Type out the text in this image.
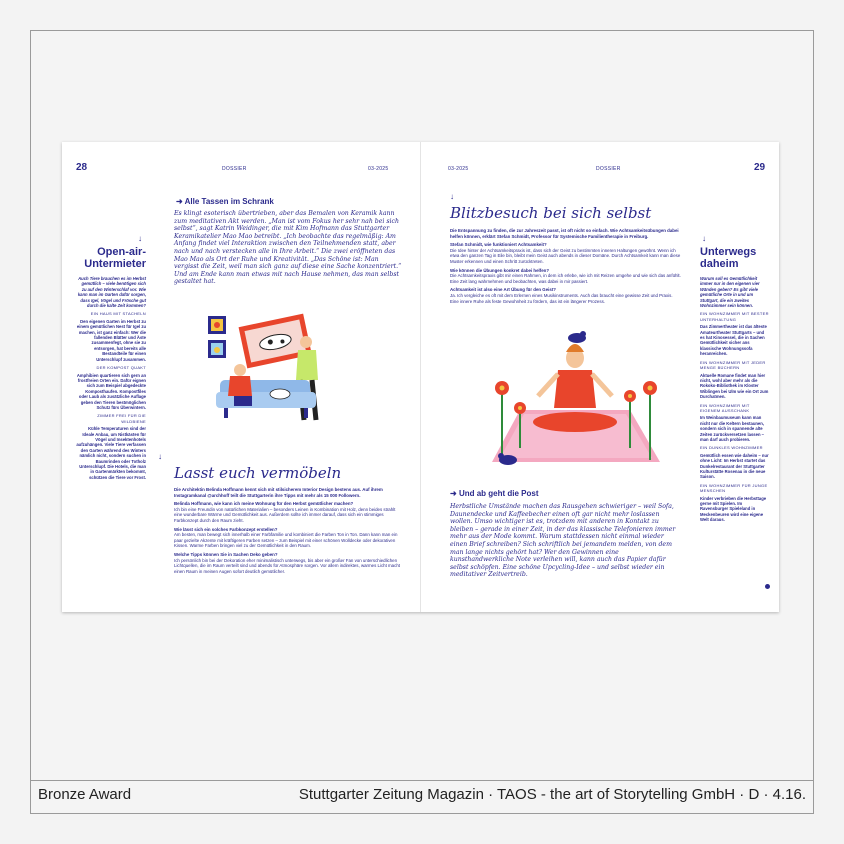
Bronze Award	Stuttgarter Zeitung Magazin · TAOS - the art of Storytelling GmbH · D · 4.16.
28	DOSSIER	03-2025
↓
Open-air-Untermieter

Auch Tiere brauchen es im Herbst gemütlich – viele benötigen sich zu auf den Winterschlaf vor. Wie kann man im Garten dafür sorgen, dass Igel, Vögel und Frösche gut durch die kalte Zeit kommen?

EIN HAUS MIT STACHELN

Den eigenen Garten im Herbst zu einem gemütlichen Nest für Igel zu machen, ist ganz einfach: Wer die fallenden Blätter und Äste zusammenfegt, ohne sie zu entsorgen, hat bereits alle Bestandteile für einen Unterschlupf zusammen.

DER KOMPOST QUAKT

Amphibien quartieren sich gern an frostfreien Orten ein. Dafür eignen sich zum Beispiel abgedeckte Komposthaufen. Kompostfiles oder Laub als zusätzliche Auflage geben den Tieren bestmöglichen Schutz fürs Überwintern.

ZIMMER FREI FÜR DIE WILDBIENE

Kühle Temperaturen sind der Ideale Anbau, um Nistkästen für Vögel und Insektenhotels aufzuhängen. Viele Tiere verfassen den Garten während des Winters nämlich nicht, sondern suchen in Baumrinden oder Totholz Unterschlupf. Die Hotels, die man in Gartenmärkten bekommt, schützen die Tiere vor Frost.

➜ Alle Tassen im Schrank
Es klingt esoterisch übertrieben, aber das Bemalen von Keramik kann zum meditativen Akt werden. „Man ist vom Fokus her sehr nah bei sich selbst“, sagt Katrin Weidinger, die mit Kim Hofmann das Stuttgarter Keramikatelier Mao Mao betreibt. „Ich beobachte das regelmäßig: Am Anfang findet viel Interaktion zwischen den Teilnehmenden statt, aber nach und nach verstecken alle in Ihre Arbeit.“ Die zwei eröffneten das Mao Mao als Ort der Ruhe und Kreativität. „Das Schöne ist: Man vergisst die Zeit, weil man sich ganz auf diese eine Sache konzentriert.“ Und am Ende kann man etwas mit nach Hause nehmen, das man selbst gestaltet hat.
↓
Lasst euch vermöbeln

Die Architektin Belinda Hoffmann kennt sich mit stilsicherem Interior Design bestens aus. Auf ihrem Instagramkanal @archhoff teilt die Stuttgarterin ihre Tipps mit mehr als 15 000 Followern.

Belinda Hoffmann, wie kann ich meine Wohnung für den Herbst gemütlicher machen?

Ich bin eine Freundin von natürlichen Materialien – besonders Leinen in Kombination mit Holz, denn beides strahlt eine wunderbare Wärme und Gemütlichkeit aus. Außerdem sollte ich immer darauf, dass sich ein stimmiges Farbkonzept durch den Raum zieht.

Wie lässt sich ein solches Farbkonzept erstellen?

Am besten, man bewegt sich innerhalb einer Farbfamilie und kombiniert die Farben Ton in Ton. Dann kann man ein paar gezielte Akzente mit kräftigeren Farben setzen – zum Beispiel mit einer schönen Wolldecke oder dekorativen Kissen. Warme Farben bringen viel zu der Gemütlichkeit in den Raum.

Welche Tipps können Sie in Sachen Deko geben?

Ich persönlich bin bei der Dekoration eher minimalistisch unterwegs, bis aber ein großer Fan von unterschiedlichen Lichtquellen, die im Raum verteilt sind und abends für Atmosphäre sorgen. Vor allem indirektes, warmes Licht macht einen Raum in meinen Augen sofort deutlich gemütlicher.

03-2025	DOSSIER	29
↓
Blitzbesuch bei sich selbst

Die Entspannung zu finden, die zur Jahreszeit passt, ist oft nicht so einfach. Wie Achtsamkeitsübungen dabei helfen können, erklärt Stefan Schmidt, Professor für Systemische Familientherapie in Freiburg.

Stefan Schmidt, wie funktioniert Achtsamkeit?

Die Idee hinter der Achtsamkeitspraxis ist, dass sich der Geist zu bestimmten inneren Haltungen gewöhnt. Wenn ich etwa den ganzen Tag in Eile bin, bleibt mein Geist auch abends in dieser Domäne. Durch Achtsamkeit kann man diese Muster erkennen und einen Schritt zurücktreten.

Wie können die Übungen konkret dabei helfen?

Die Achtsamkeitspraxis gibt mir einen Rahmen, in dem ich erlebe, wie ich mit Reizen umgehe und wie sich das anfühlt. Eine Zeit lang wahrnehmen und beobachten, was dabei in mir passiert.

Achtsamkeit ist also eine Art Übung für den Geist?

Ja. Ich vergleiche es oft mit dem Erlernen eines Musikinstruments. Auch das braucht eine gewisse Zeit und Praxis. Eine innere Ruhe als feste Gewohnheit zu fördern, das ist ein längerer Prozess.

➜ Und ab geht die Post
Herbstliche Umstände machen das Rausgehen schwieriger – weil Sofa, Daunendecke und Kaffeebecher einen oft gar nicht mehr loslassen wollen. Umso wichtiger ist es, trotzdem mit anderen in Kontakt zu bleiben – gerade in einer Zeit, in der das klassische Telefonieren immer mehr aus der Mode kommt. Warum stattdessen nicht einmal wieder einen Brief schreiben? Sich schriftlich bei jemandem melden, von dem man lange nichts gehört hat? Wer den Gewinnen eine kunsthandwerkliche Note verleihen will, kann auch das Papier dafür selbst schöpfen. Eine schöne Upcycling-Idee – und selbst wieder ein meditativer Zeitvertreib.
↓
Unterwegs daheim

Warum soll es Gemütlichkeit immer nur in den eigenen vier Wänden geben? Es gibt viele gemütliche Orte in und um Stuttgart, die ein zweites Wohnzimmer sein können.

EIN WOHNZIMMER MIT BESTER UNTERHALTUNG

Das Zimmertheater ist das älteste Amateurtheater Stuttgarts – und es hat Kinosessel, die in Sachen Gemütlichkeit sicher ans klassische Wohnungssofa heranreichen.

EIN WOHNZIMMER MIT JEDER MENGE BÜCHERN

Aktuelle Romane findet man hier nicht, wohl aber mehr als die Rokoko-Bibliothek im Kloster Wiblingen bei Ulm wie ein Ort zum Durchatmen.

EIN WOHNZIMMER MIT EIGENEM AUSSCHANK

Im Weinbaumuseum kann man nicht nur die Keltern bestaunen, sondern sich in spannende alte Zeiten zurückversetzen lassen – man darf auch probieren.

EIN DUNKLES WOHNZIMMER

Gemütlich essen wie daheim – nur ohne Licht: Im Herbst startet das Dunkelrestaurant der Stuttgarter Kulturstätte Rosenau in die neue Saison.

EIN WOHNZIMMER FÜR JUNGE MENSCHEN

Kinder verbrieben die Herbsttage gerne mit Spielen. Im Ravensburger Spieleland in Meckenbeuren wird eine eigene Welt daraus.
